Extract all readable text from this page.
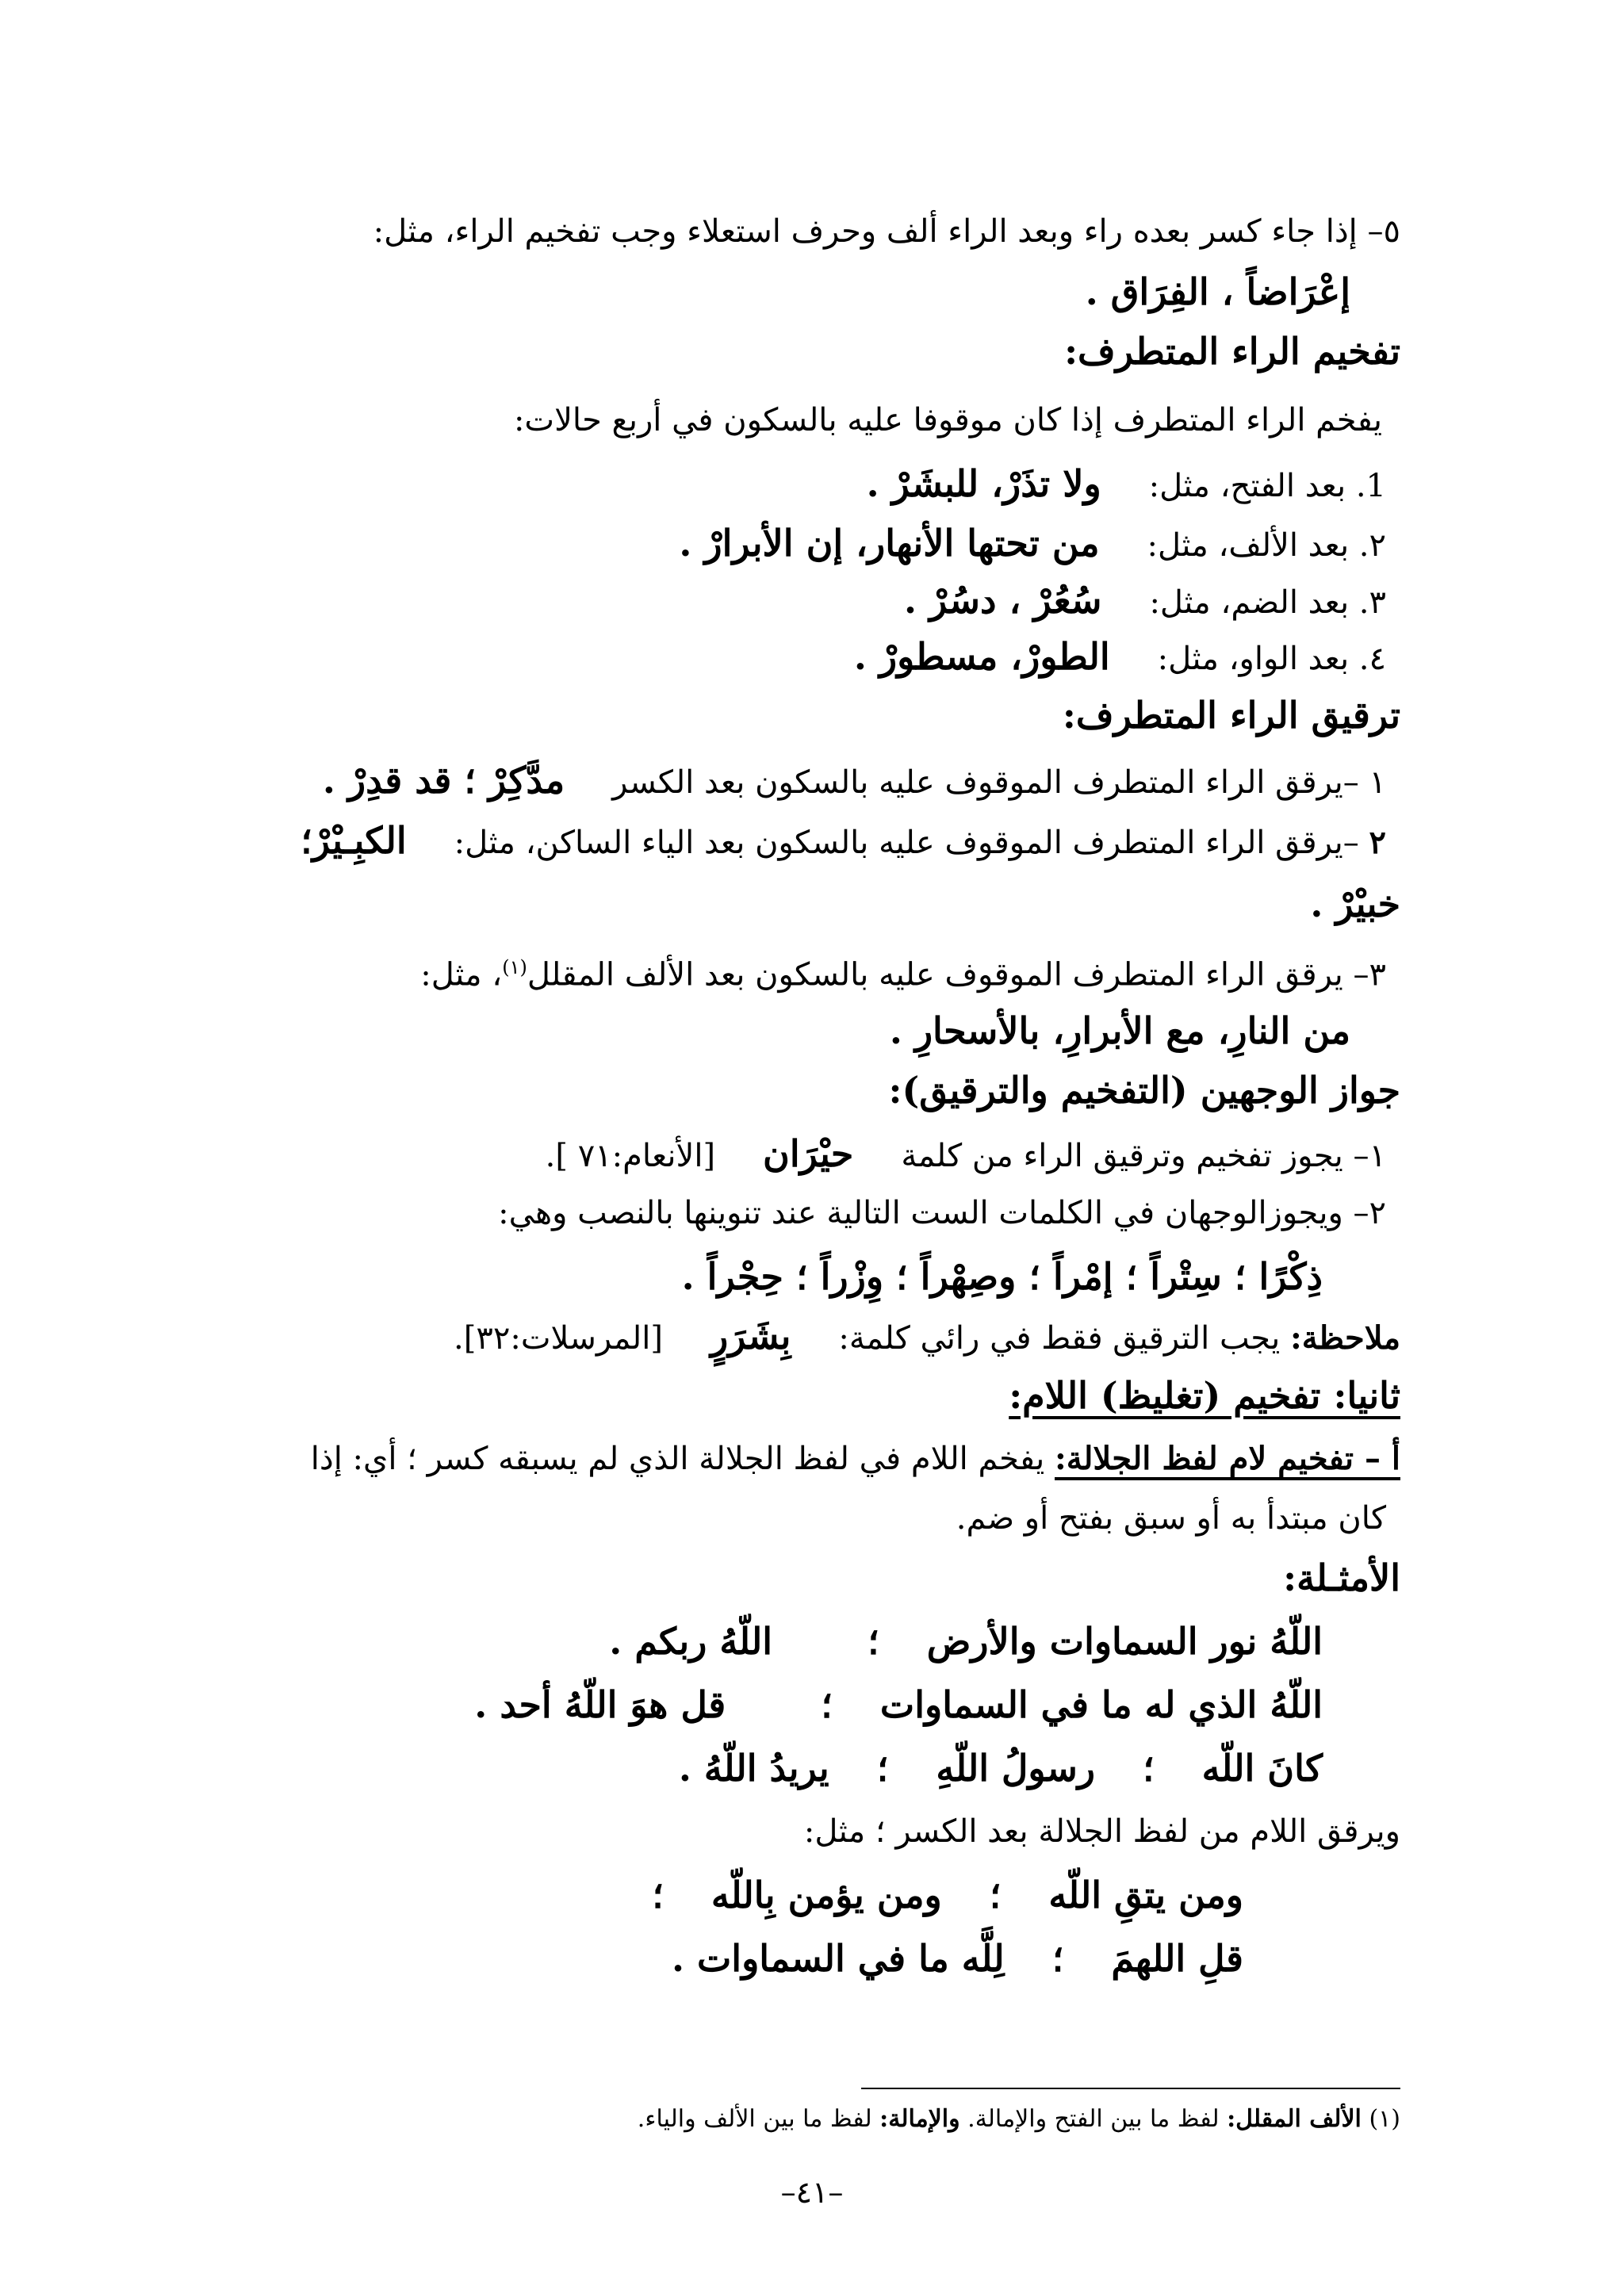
٥– إذا جاء كسر بعده راء وبعد الراء ألف وحرف استعلاء وجب تفخيم الراء، مثل:
إعْرَاضاً ، الفِرَاق .
تفخيم الراء المتطرف:
يفخم الراء المتطرف إذا كان موقوفا عليه بالسكون في أربع حالات:
1. بعد الفتح، مثل:ولا تذَرْ، للبشَرْ .
٢. بعد الألف، مثل:من تحتها الأنهار، إن الأبرارْ .
٣. بعد الضم، مثل:سُعُرْ ، دسُرْ .
٤. بعد الواو، مثل:الطورْ، مسطورْ .
ترقيق الراء المتطرف:
١ –يرقق الراء المتطرف الموقوف عليه بالسكون بعد الكسرمدَّكِرْ ؛ قد قدِرْ .
٢ –يرقق الراء المتطرف الموقوف عليه بالسكون بعد الياء الساكن، مثل:الكبِـيْرْ؛
خبيْرْ .
٣– يرقق الراء المتطرف الموقوف عليه بالسكون بعد الألف المقلل$^{(١)}$، مثل:
من النارِ، مع الأبرارِ، بالأسحارِ .
جواز الوجهين (التفخيم والترقيق):
١– يجوز تفخيم وترقيق الراء من كلمةحيْرَان[الأنعام:٧١ ].
٢– ويجوزالوجهان في الكلمات الست التالية عند تنوينها بالنصب وهي:
ذِكْرًا ؛ سِتْراً ؛ إمْراً ؛ وصِهْراً ؛ وِزْراً ؛ حِجْراً .
ملاحظة: يجب الترقيق فقط في رائي كلمة:بِشَرَرٍ[المرسلات:٣٢].
ثانيا: تفخيم (تغليظ) اللام:
أ – تفخيم لام لفظ الجلالة: يفخم اللام في لفظ الجلالة الذي لم يسبقه كسر ؛ أي: إذا
كان مبتدأ به أو سبق بفتح أو ضم.
الأمثـلة:
اللّهُ نور السماوات والأرض؛اللّهُ ربكم .
اللّهُ الذي له ما في السماوات؛قل هوَ اللّهُ أحد .
كانَ اللّه؛رسولُ اللّهِ؛يريدُ اللّهُ .
ويرقق اللام من لفظ الجلالة بعد الكسر ؛ مثل:
ومن يتقِ اللّه؛ومن يؤمن بِاللّه؛
قلِ اللهمَ؛لِلَّه ما في السماوات .
(١) الألف المقلل: لفظ ما بين الفتح والإمالة. والإمالة: لفظ ما بين الألف والياء.
–٤١–
